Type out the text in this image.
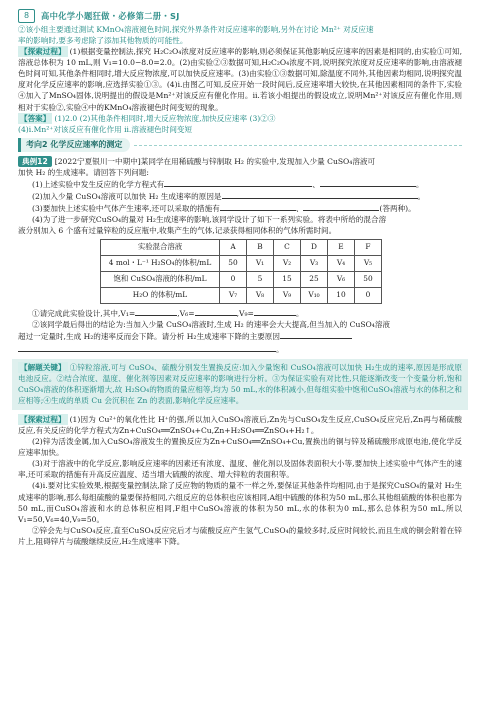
8	高中化学小题狂做・必修第二册・SJ

②该小组主要通过測试 KMnO₄溶液褪色时间,探究外界条件对反应速率的影响,另外在讨论 Mn²⁺ 对反应速

率的影响时,要多考虑除了添加其他物质的可能性。

【探索过程】 (1)根据变量控制法,探究 H₂C₂O₄浓度对反应速率的影响,则必须保证其他影响反应速率的因素是相同的,由实验①可知,溶液总体积为 10 mL,则 V₁=10.0−8.0=2.0。(2)由实验②③数据可知,H₂C₂O₄浓度不同,说明探究浓度对反应速率的影响,由溶液褪色时间可知,其他条件相同时,增大反应物浓度,可以加快反应速率。(3)由实验①③数据可知,除温度不同外,其他因素均相同,说明探究温度对化学反应速率的影响,应选择实验①③。(4)i.由图乙可知,反应开始一段时间后,反应速率增大较快,在其他因素相同的条件下,实验④加入了MnSO₄固体,说明提出的假设是Mn²⁺对该反应有催化作用。ii.若该小组提出的假设成立,说明Mn²⁺对该反应有催化作用,则相对于实验②,实验④中的KMnO₄溶液褪色时间变短的现象。

【答案】 (1)2.0 (2)其他条件相同时,增大反应物浓度,加快反应速率 (3)②③

(4)i.Mn²⁺对该反应有催化作用 ii.溶液褪色时间变短

考向2 化学反应速率的测定

典例12 [2022宁夏银川一中期中]某同学在用稀硫酸与锌制取 H₂ 的实验中,发现加入少量 CuSO₄溶液可

加快 H₂ 的生成速率。请回答下列问题:

(1)上述实验中发生反应的化学方程式有	、	。

(2)加入少量 CuSO₄溶液可以加快 H₂ 生成速率的原因是	。

(3)要加快上述实验中气体产生速率,还可以采取的措施有	、	(答两种)。

(4)为了进一步研究CuSO₄的量对 H₂生成速率的影响,该同学设计了如下一系列实验。将表中所给的混合溶

液分别加入 6 个盛有过量锌粒的反应瓶中,收集产生的气体,记录获得相同体积的气体所需时间。

实验混合溶液	A	B	C	D	E	F
4 mol・L⁻¹ H₂SO₄的体积/mL	50	V₁	V₂	V₃	V₄	V₅
饱和 CuSO₄溶液的体积/mL	0	5	15	25	V₆	50
H₂O 的体积/mL	V₇	V₈	V₉	V₁₀	10	0

①请完成此实验设计,其中,V₁=	,V₆=	,V₉=	。

②该同学最后得出的结论为:当加入少量 CuSO₄溶液时,生成 H₂ 的速率会大大提高,但当加入的 CuSO₄溶液

超过一定量时,生成 H₂的速率反而会下降。请分析 H₂生成速率下降的主要原因

。

【解题关键】 ①锌粒溶液,可与 CuSO₄、硫酸分别发生置换反应:加入少量饱和 CuSO₄溶液可以加快 H₂生成的速率,原因是形成原电池反应。②结合浓度、温度、催化剂等因素对反应速率的影响进行分析。③为保证实验有对比性,只能逐渐改变一个变量分析,饱和CuSO₄溶液的体积逐渐增大,故 H₂SO₄的物质的量应相等,均为 50 mL,水的体积减小,但每组实验中饱和CuSO₄溶液与水的体积之和应相等;④生成的单质 Cu 会沉积在 Zn 的表面,影响化学反应速率。

【探索过程】 (1)因为 Cu²⁺的氧化性比 H⁺的强,所以加入CuSO₄溶液后,Zn先与CuSO₄发生反应,CuSO₄反应完后,Zn再与稀硫酸反应,有关反应的化学方程式为Zn+CuSO₄══ZnSO₄+Cu,Zn+H₂SO₄══ZnSO₄+H₂↑。

(2)锌为活泼金属,加入CuSO₄溶液发生的置换反应为Zn+CuSO₄══ZnSO₄+Cu,置换出的铜与锌及稀硫酸形成原电池,使化学反应速率加快。

(3)对于溶液中的化学反应,影响反应速率的因素还有浓度、温度、催化剂以及固体表面积大小等,要加快上述实验中气体产生的速率,还可采取的措施有升高反应温度、适当增大硫酸的浓度、增大锌粒的表面积等。

(4)ⅰ.要对比实验效果,根据变量控制法,除了反应物的物质的量不一样之外,要保证其他条件均相同,由于是探究CuSO₄的量对 H₂生成速率的影响,那么每组硫酸的量要保持相同,六组反应的总体积也应该相同,A组中硫酸的体积为50 mL,那么其他组硫酸的体积也都为 50 mL,而CuSO₄溶液和水的总体积应相同,F组中CuSO₄溶液的体积为50 mL,水的体积为0 mL,那么总体积为50 mL,所以V₁=50,V₆=40,V₉=50。

②锌会先与CuSO₄反应,直至CuSO₄反应完后才与硫酸反应产生氢气,CuSO₄的量较多时,反应时间较长,而且生成的铜会附着在锌片上,阻碍锌片与硫酸继续反应,H₂生成速率下降。
